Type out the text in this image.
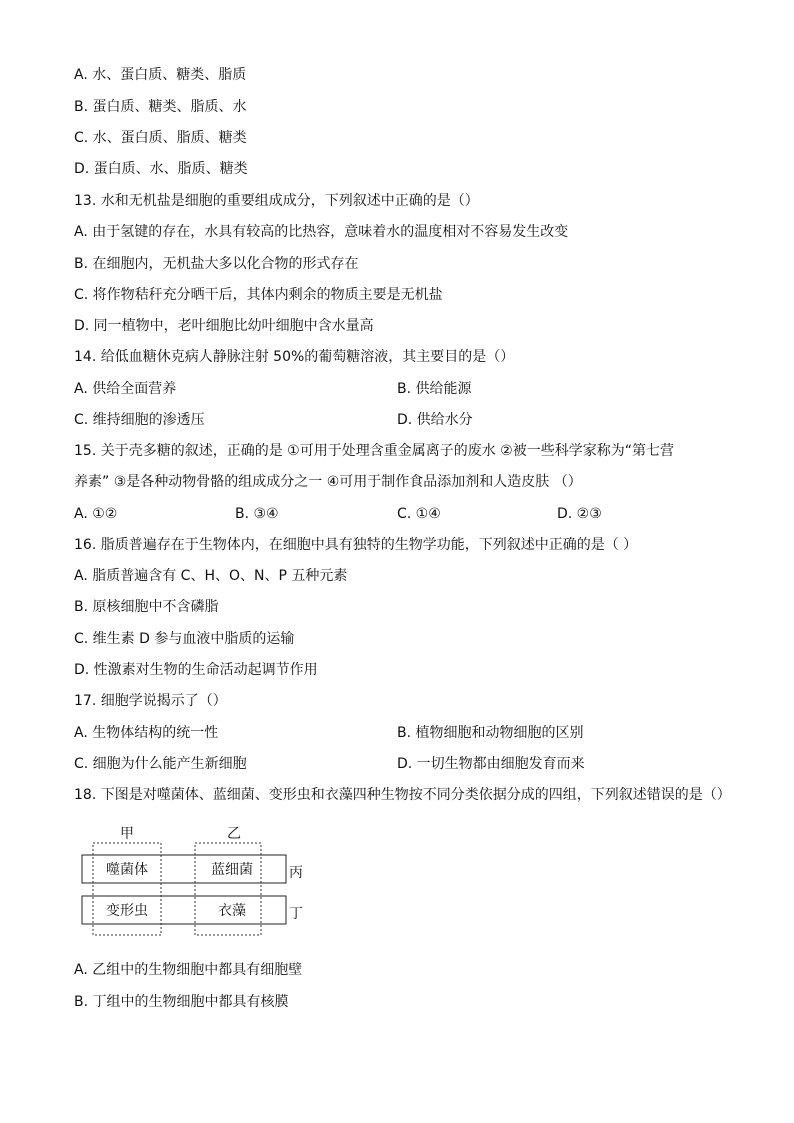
A. 水、蛋白质、糖类、脂质
B. 蛋白质、糖类、脂质、水
C. 水、蛋白质、脂质、糖类
D. 蛋白质、水、脂质、糖类
13. 水和无机盐是细胞的重要组成成分，下列叙述中正确的是（）
A. 由于氢键的存在，水具有较高的比热容，意味着水的温度相对不容易发生改变
B. 在细胞内，无机盐大多以化合物的形式存在
C. 将作物秸秆充分晒干后，其体内剩余的物质主要是无机盐
D. 同一植物中，老叶细胞比幼叶细胞中含水量高
14. 给低血糖休克病人静脉注射 50%的葡萄糖溶液，其主要目的是（）
A. 供给全面营养	B. 供给能源
C. 维持细胞的渗透压	D. 供给水分
15. 关于壳多糖的叙述，正确的是 ①可用于处理含重金属离子的废水 ②被一些科学家称为“第七营
养素” ③是各种动物骨骼的组成成分之一 ④可用于制作食品添加剂和人造皮肤 （）
A. ①②	B. ③④	C. ①④	D. ②③
16. 脂质普遍存在于生物体内，在细胞中具有独特的生物学功能，下列叙述中正确的是（ ）
A. 脂质普遍含有 C、H、O、N、P 五种元素
B. 原核细胞中不含磷脂
C. 维生素 D 参与血液中脂质的运输
D. 性激素对生物的生命活动起调节作用
17. 细胞学说揭示了（）
A. 生物体结构的统一性	B. 植物细胞和动物细胞的区别
C. 细胞为什么能产生新细胞	D. 一切生物都由细胞发育而来
18. 下图是对噬菌体、蓝细菌、变形虫和衣藻四种生物按不同分类依据分成的四组，下列叙述错误的是（）
甲	乙
丙
丁
噬菌体	蓝细菌
变形虫	衣藻
A. 乙组中的生物细胞中都具有细胞壁
B. 丁组中的生物细胞中都具有核膜
